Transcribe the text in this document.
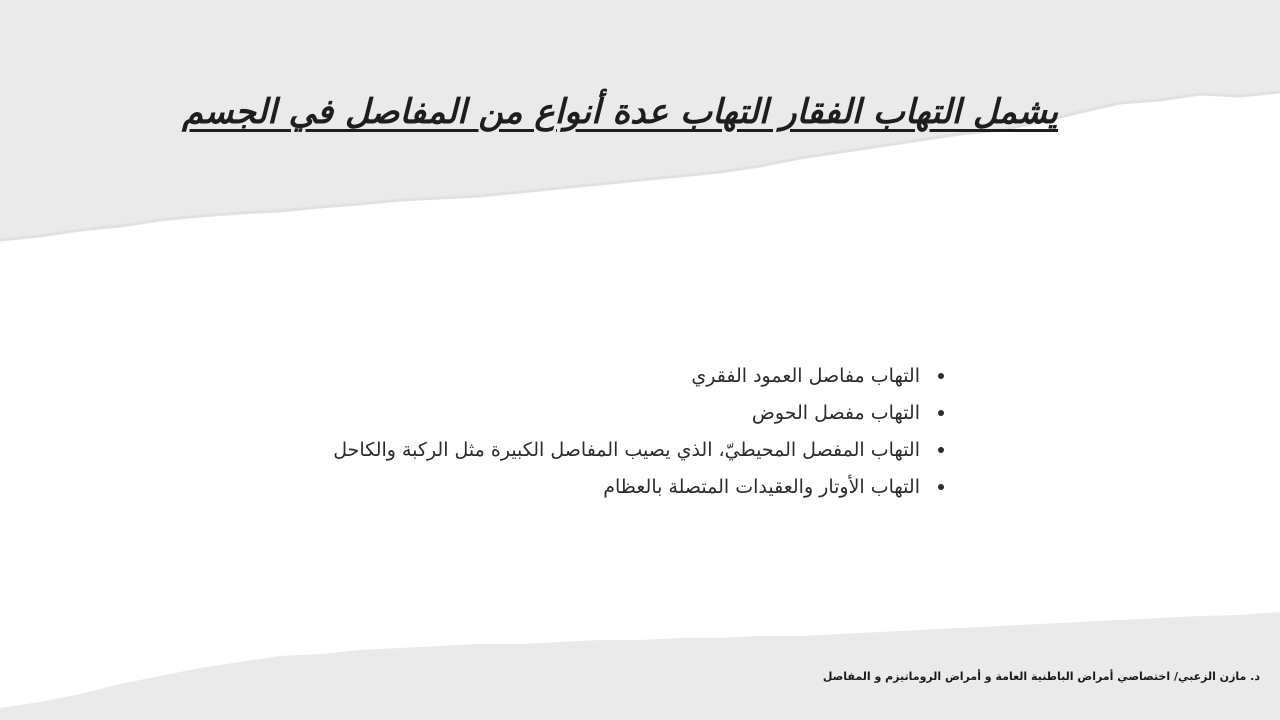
يشمل التهاب الفقار التهاب عدة أنواع من المفاصل في الجسم
التهاب مفاصل العمود الفقري
التهاب مفصل الحوض
التهاب المفصل المحيطيّ، الذي يصيب المفاصل الكبيرة مثل الركبة والكاحل
التهاب الأوتار والعقيدات المتصلة بالعظام
د. مازن الزعبي/ اختصاصي أمراض الباطنية العامة و أمراض الروماتيزم و المفاصل
